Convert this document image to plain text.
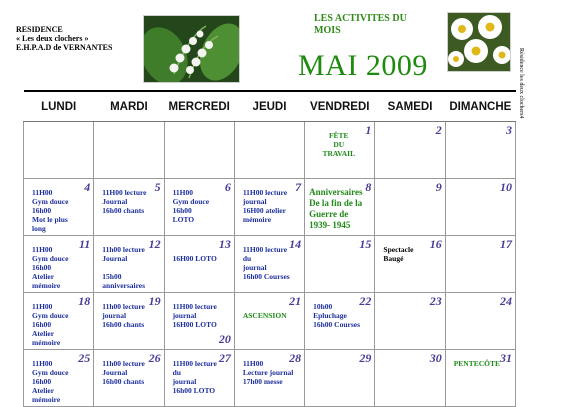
RESIDENCE
« Les deux clochers »
E.H.P.A.D de VERNANTES
LES ACTIVITES DU
MOIS
MAI 2009	Résidence les deux clochers4
LUNDI	MARDI	MERCREDI	JEUDI	VENDREDI	SAMEDI	DIMANCHE

				1
FÊTE
DU
TRAVAIL	2	3

4
11H00
Gym douce
16h00
Mot le plus long	5
11H00 lecture
Journal
16h00 chants	6
11H00
Gym douce
16h00
LOTO	7
11H00 lecture
journal
16H00 atelier
mémoire	8
Anniversaires
De la fin de la
Guerre de
1939- 1945	9	10

11
11H00
Gym douce
16h00
Atelier mémoire	12
11h00 lecture
Journal

15h00
anniversaires	13

16H00 LOTO	14
11H00 lecture du
journal
16h00 Courses	15	16
Spectacle
Baugé	17

18
11H00
Gym douce
16h00
Atelier mémoire	19
11h00 lecture
journal
16h00 chants	20
11H00 lecture
journal
16H00 LOTO	21

ASCENSION	22
10h00
Epluchage
16h00 Courses	23	24

25
11H00
Gym douce
16h00
Atelier mémoire	26
11h00 lecture
Journal
16h00 chants	27
11H00 lecture du
journal
16h00 LOTO	28
11H00
Lecture journal
17h00 messe	29	30	31
PENTECÔTE
